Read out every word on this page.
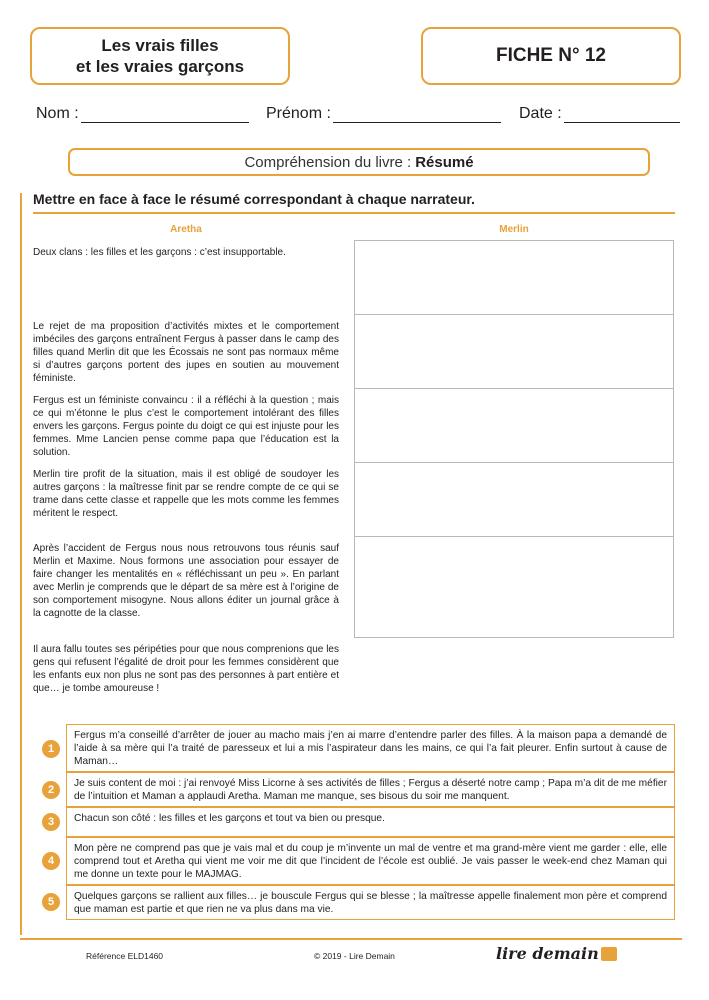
Les vrais filles
et les vraies garçons
FICHE N° 12
Nom :	Prénom :	Date :
Compréhension du livre : Résumé
Mettre en face à face le résumé correspondant à chaque narrateur.
Aretha	Merlin
Deux clans : les filles et les garçons : c’est insupportable.
Le rejet de ma proposition d’activités mixtes et le comportement imbéciles des garçons entraînent Fergus à passer dans le camp des filles quand Merlin dit que les Écossais ne sont pas normaux même si d’autres garçons portent des jupes en soutien au mouvement féministe.
Fergus est un féministe convaincu : il a réfléchi à la question ; mais ce qui m’étonne le plus c’est le comportement intolérant des filles envers les garçons. Fergus pointe du doigt ce qui est injuste pour les femmes. Mme Lancien pense comme papa que l’éducation est la solution.
Merlin tire profit de la situation, mais il est obligé de soudoyer les autres garçons : la maîtresse finit par se rendre compte de ce qui se trame dans cette classe et rappelle que les mots comme les femmes méritent le respect.
Après l’accident de Fergus nous nous retrouvons tous réunis sauf Merlin et Maxime. Nous formons une association pour essayer de faire changer les mentalités en « réfléchissant un peu ». En parlant avec Merlin je comprends que le départ de sa mère est à l’origine de son comportement misogyne. Nous allons éditer un journal grâce à la cagnotte de la classe.
Il aura fallu toutes ses péripéties pour que nous comprenions que les gens qui refusent l’égalité de droit pour les femmes considèrent que les enfants eux non plus ne sont pas des personnes à part entière et que… je tombe amoureuse !
1
Fergus m’a conseillé d’arrêter de jouer au macho mais j’en ai marre d’entendre parler des filles. À la maison papa a demandé de l’aide à sa mère qui l’a traité de paresseux et lui a mis l’aspirateur dans les mains, ce qui l’a fait pleurer. Enfin surtout à cause de Maman…
2
Je suis content de moi : j’ai renvoyé Miss Licorne à ses activités de filles ; Fergus a déserté notre camp ; Papa m’a dit de me méfier de l’intuition et Maman a applaudi Aretha. Maman me manque, ses bisous du soir me manquent.
3	Chacun son côté : les filles et les garçons et tout va bien ou presque.
4
Mon père ne comprend pas que je vais mal et du coup je m’invente un mal de ventre et ma grand-mère vient me garder : elle, elle comprend tout et Aretha qui vient me voir me dit que l’incident de l’école est oublié. Je vais passer le week-end chez Maman qui me donne un texte pour le MAJMAG.
5	Quelques garçons se rallient aux filles… je bouscule Fergus qui se blesse ; la maîtresse appelle finalement mon père et comprend que maman est partie et que rien ne va plus dans ma vie.
Référence ELD1460	© 2019 - Lire Demain	lire demain
